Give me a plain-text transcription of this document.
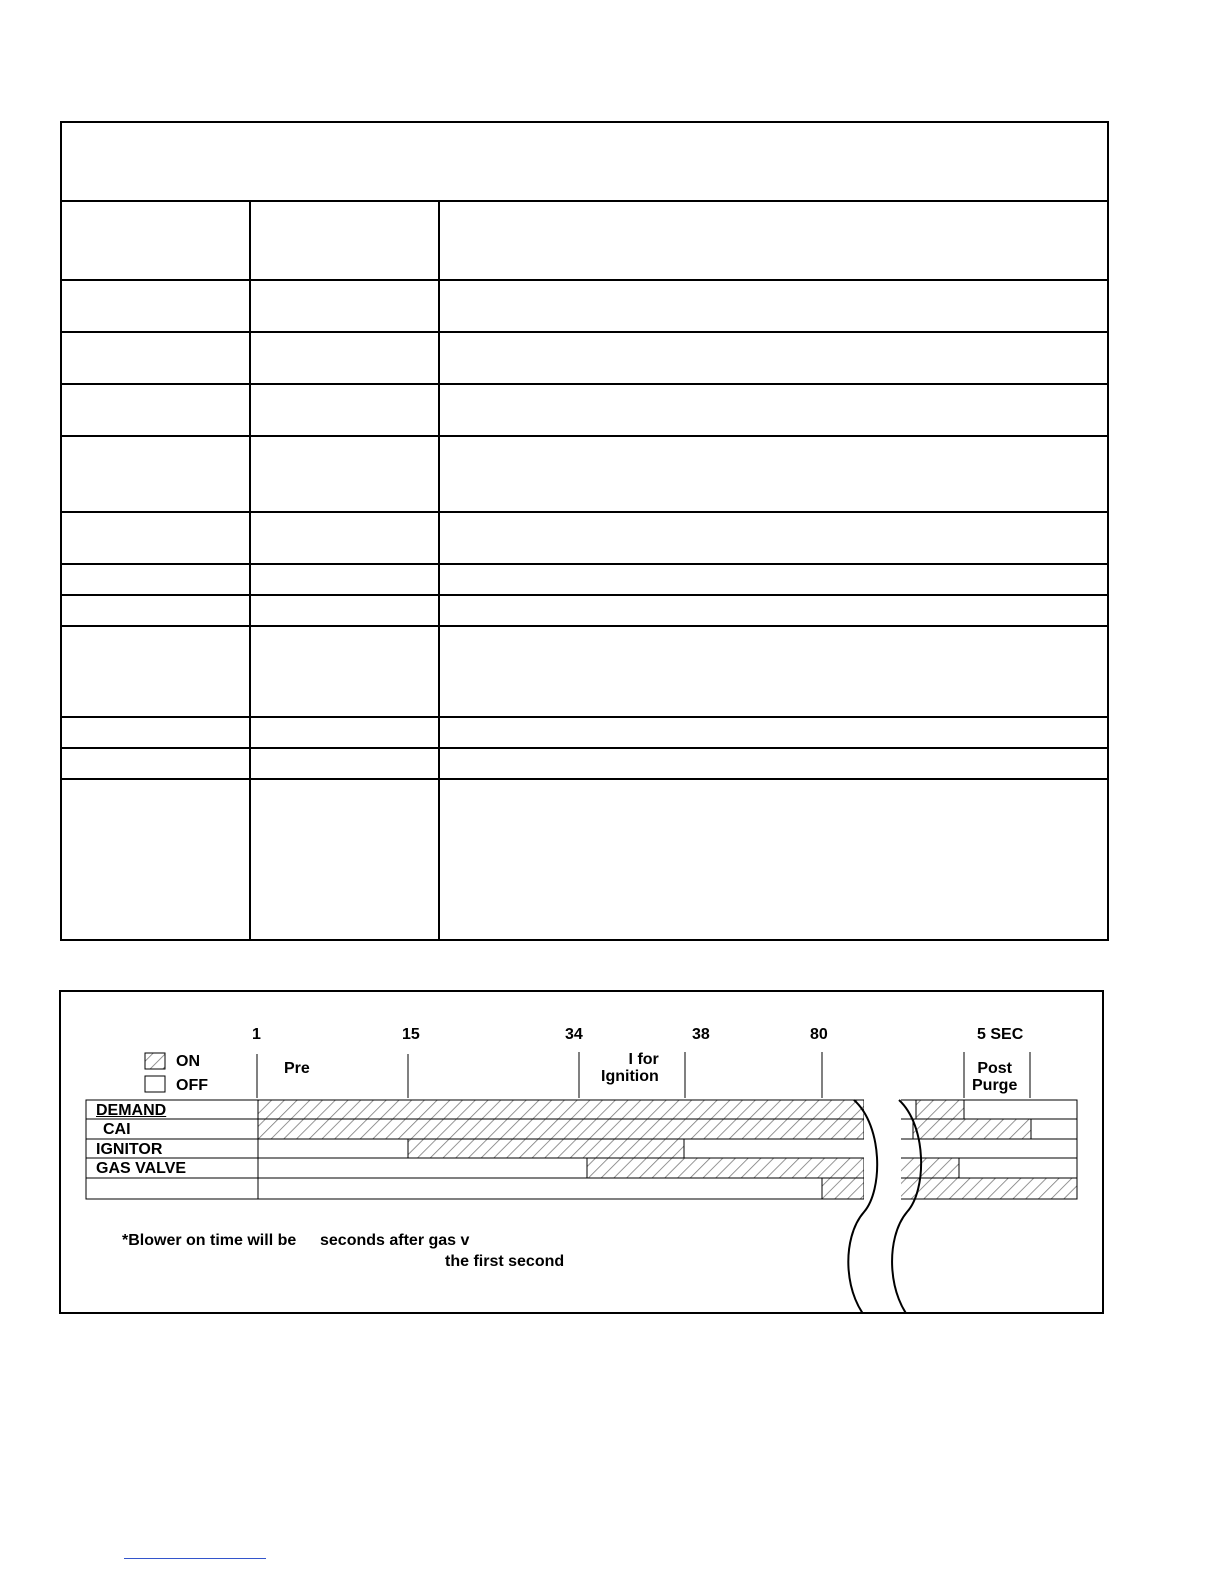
1	15	34	38	80	5 SEC
Pre
I for
Ignition	Post
Purge
ON
OFF
DEMAND
CAI
IGNITOR
GAS VALVE
*Blower on time will be seconds after gas v
the first second
